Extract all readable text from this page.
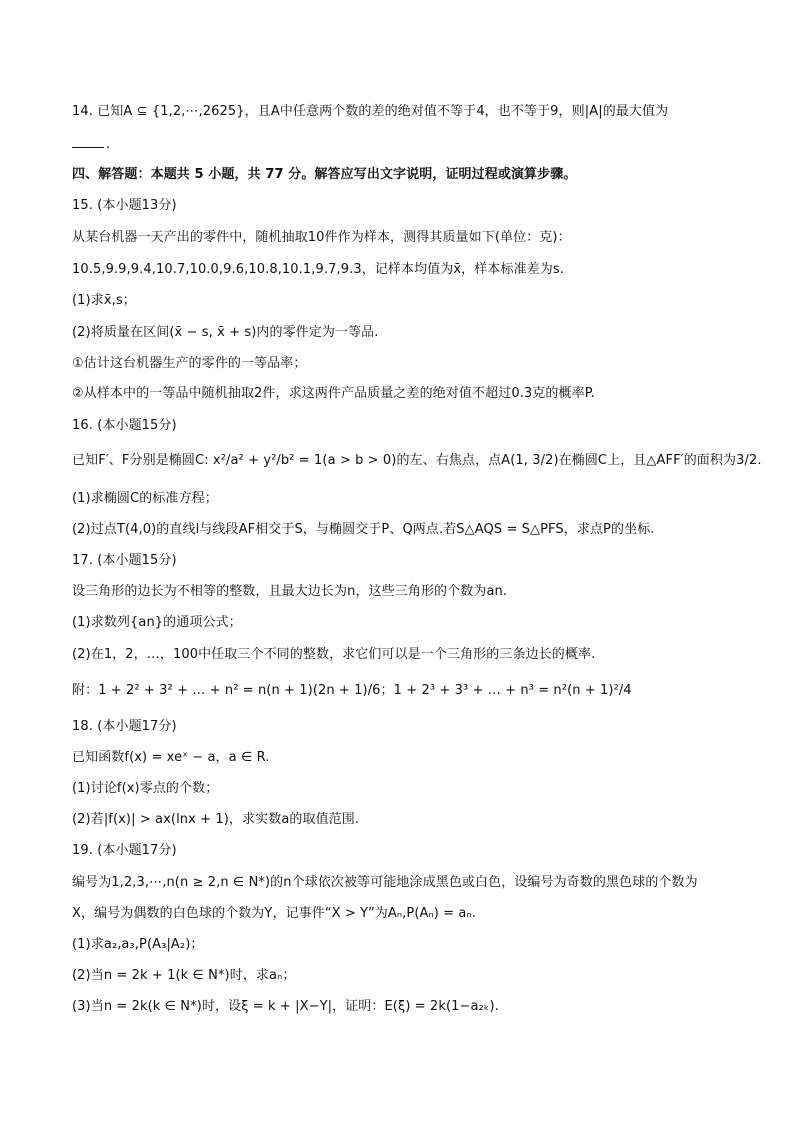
14. 已知A ⊆ {1,2,⋯,2625}，且A中任意两个数的差的绝对值不等于4，也不等于9，则|A|的最大值为
.
四、解答题：本题共 5 小题，共 77 分。解答应写出文字说明，证明过程或演算步骤。
15. (本小题13分)
从某台机器一天产出的零件中，随机抽取10件作为样本，测得其质量如下(单位：克)：
10.5,9.9,9.4,10.7,10.0,9.6,10.8,10.1,9.7,9.3，记样本均值为x̄，样本标准差为s.
(1)求x̄,s；
(2)将质量在区间(x̄ − s, x̄ + s)内的零件定为一等品.
①估计这台机器生产的零件的一等品率；
②从样本中的一等品中随机抽取2件，求这两件产品质量之差的绝对值不超过0.3克的概率P.
16. (本小题15分)
已知F′、F分别是椭圆C: x²/a² + y²/b² = 1(a > b > 0)的左、右焦点，点A(1, 3/2)在椭圆C上，且△AFF′的面积为3/2.
(1)求椭圆C的标准方程；
(2)过点T(4,0)的直线l与线段AF相交于S，与椭圆交于P、Q两点.若S△AQS = S△PFS，求点P的坐标.
17. (本小题15分)
设三角形的边长为不相等的整数，且最大边长为n，这些三角形的个数为an.
(1)求数列{an}的通项公式；
(2)在1，2，…，100中任取三个不同的整数，求它们可以是一个三角形的三条边长的概率.
附：1 + 2² + 3² + … + n² = n(n + 1)(2n + 1)/6；1 + 2³ + 3³ + … + n³ = n²(n + 1)²/4
18. (本小题17分)
已知函数f(x) = xeˣ − a，a ∈ R.
(1)讨论f(x)零点的个数；
(2)若|f(x)| > ax(lnx + 1)，求实数a的取值范围.
19. (本小题17分)
编号为1,2,3,⋯,n(n ≥ 2,n ∈ N*)的n个球依次被等可能地涂成黑色或白色，设编号为奇数的黑色球的个数为
X，编号为偶数的白色球的个数为Y，记事件“X > Y”为Aₙ,P(Aₙ) = aₙ.
(1)求a₂,a₃,P(A₃|A₂)；
(2)当n = 2k + 1(k ∈ N*)时，求aₙ；
(3)当n = 2k(k ∈ N*)时，设ξ = k + |X−Y|，证明：E(ξ) = 2k(1−a₂ₖ).
